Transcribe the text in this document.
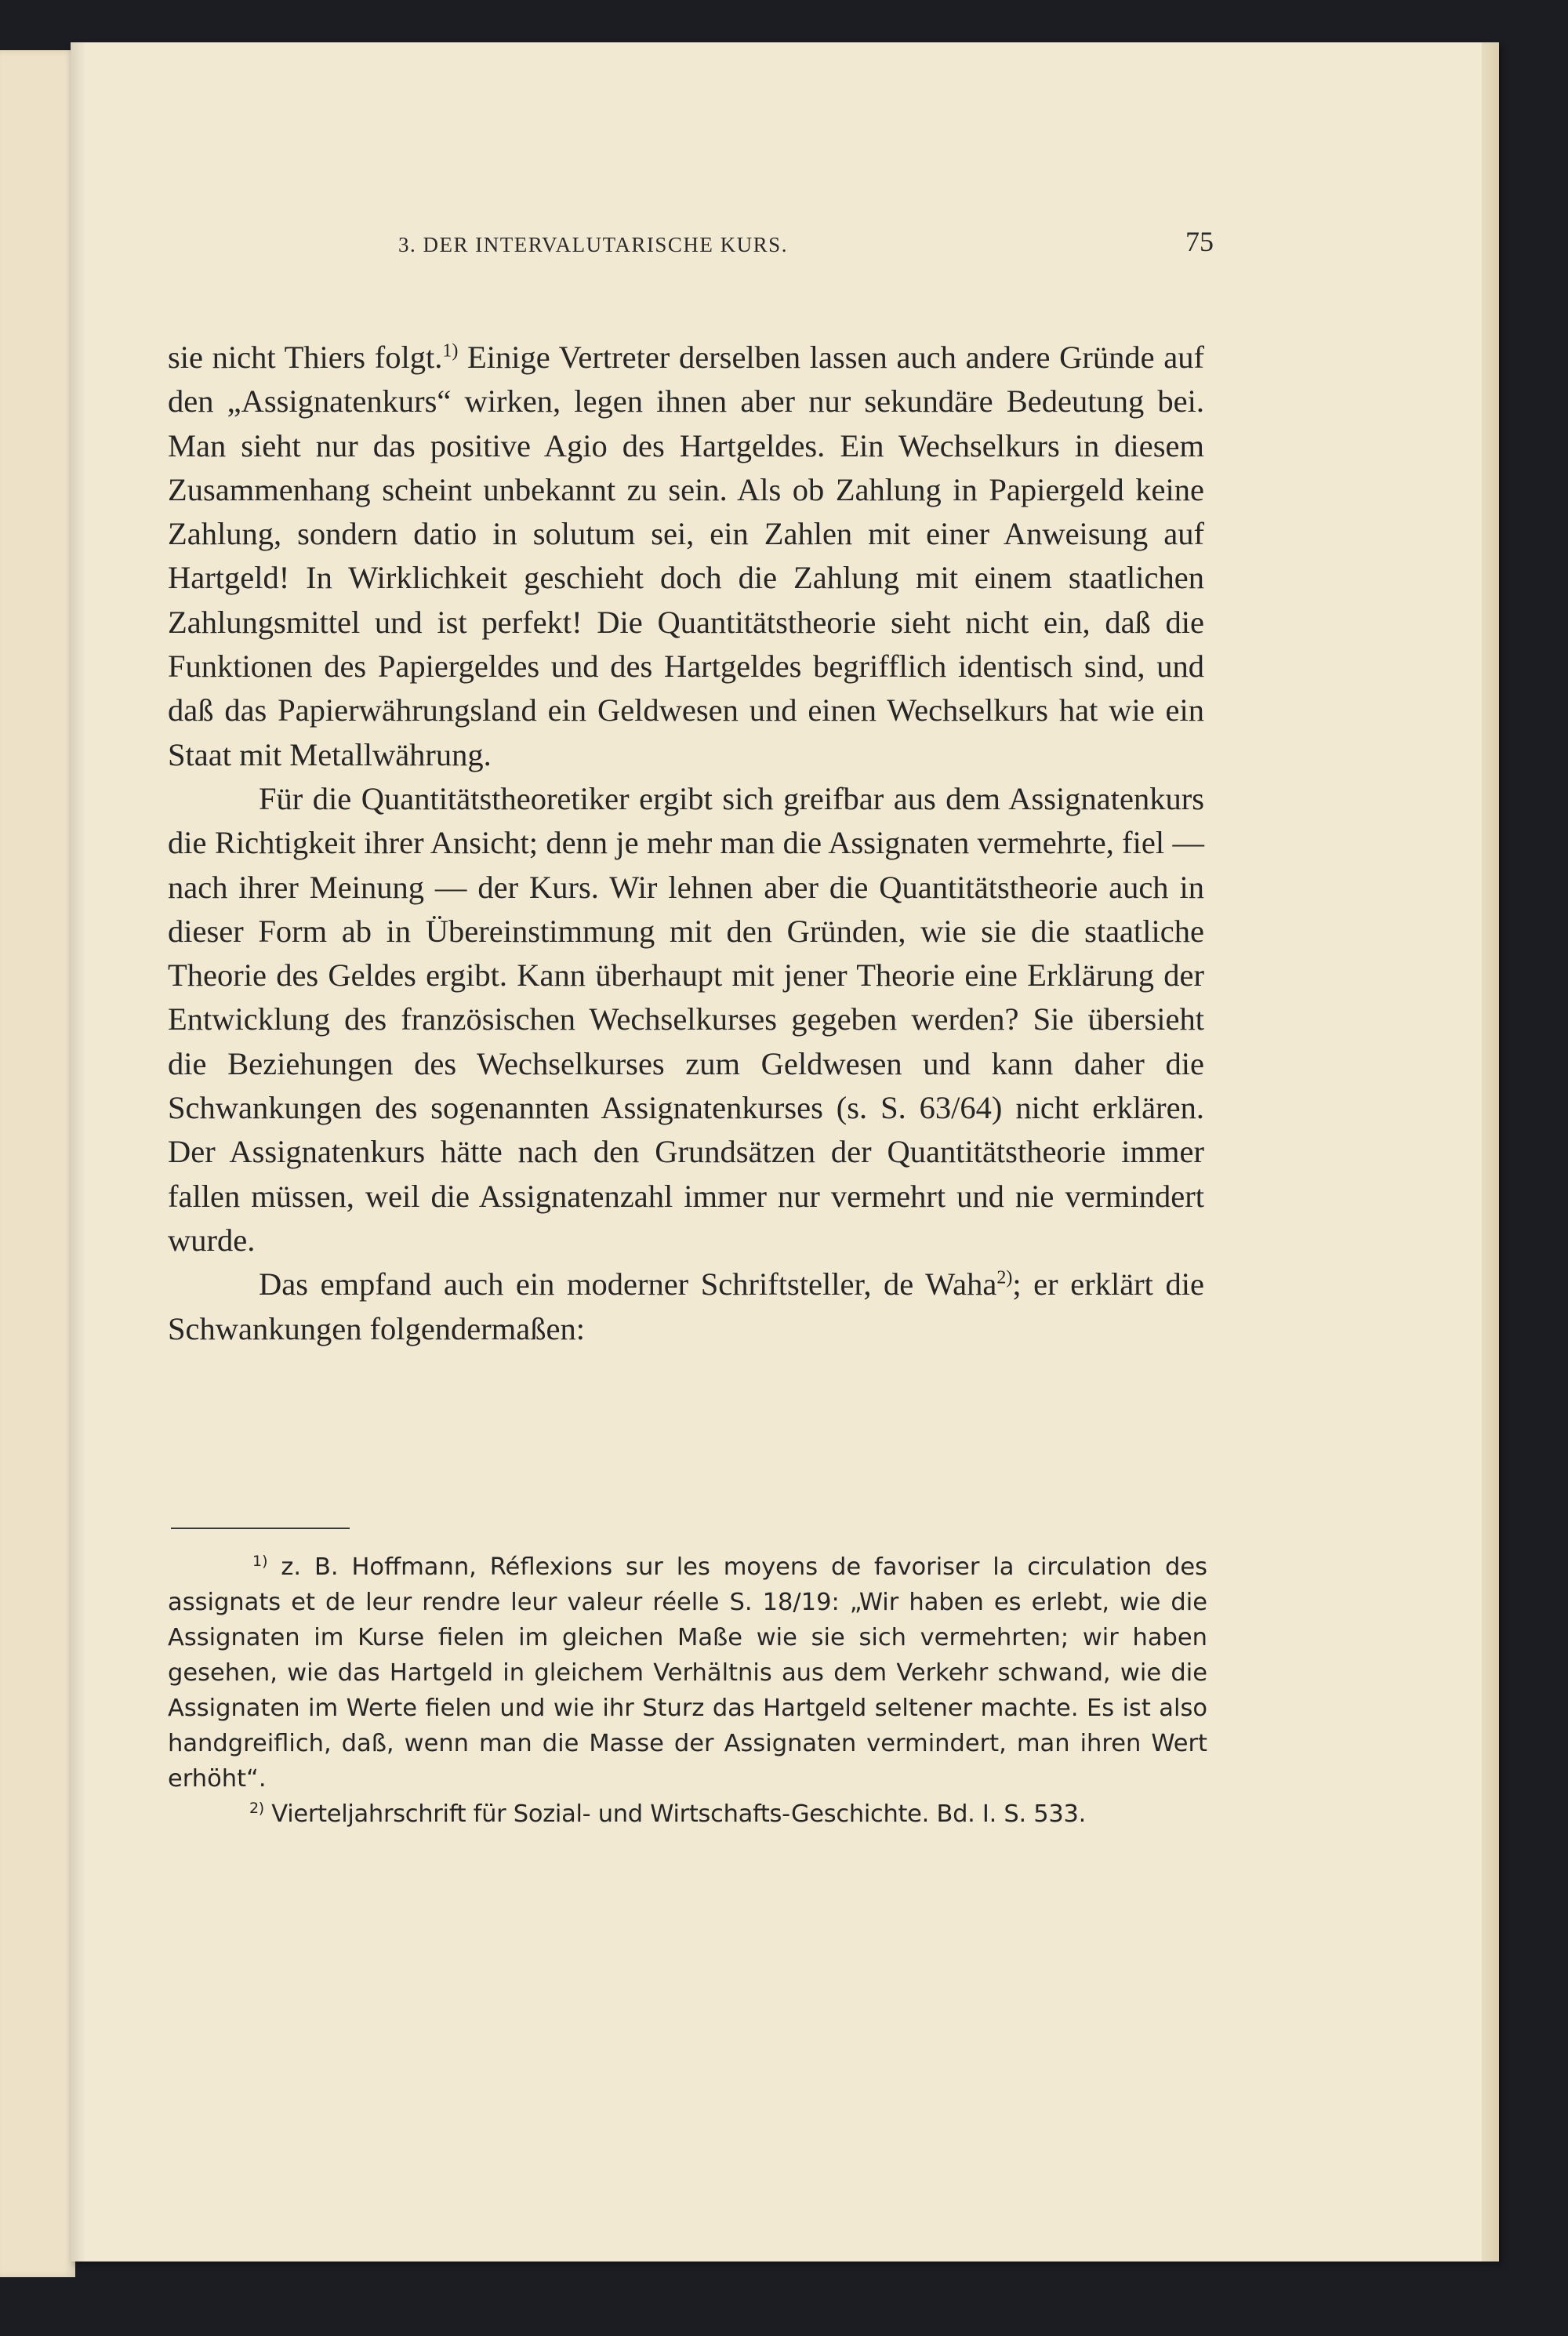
3. DER INTERVALUTARISCHE KURS.	75

sie nicht Thiers folgt.$^{1)}$ Einige Vertreter derselben lassen auch andere Gründe auf den „Assignatenkurs“ wirken, legen ihnen aber nur sekundäre Bedeutung bei. Man sieht nur das positive Agio des Hartgeldes. Ein Wechselkurs in diesem Zusammenhang scheint unbekannt zu sein. Als ob Zahlung in Papiergeld keine Zahlung, sondern datio in solutum sei, ein Zahlen mit einer Anweisung auf Hartgeld! In Wirklichkeit geschieht doch die Zahlung mit einem staatlichen Zahlungsmittel und ist perfekt! Die Quantitätstheorie sieht nicht ein, daß die Funktionen des Papiergeldes und des Hartgeldes begrifflich identisch sind, und daß das Papierwährungsland ein Geldwesen und einen Wechselkurs hat wie ein Staat mit Metallwährung.

Für die Quantitätstheoretiker ergibt sich greifbar aus dem Assignatenkurs die Richtigkeit ihrer Ansicht; denn je mehr man die Assignaten vermehrte, fiel — nach ihrer Meinung — der Kurs. Wir lehnen aber die Quantitätstheorie auch in dieser Form ab in Übereinstimmung mit den Gründen, wie sie die staatliche Theorie des Geldes ergibt. Kann überhaupt mit jener Theorie eine Erklärung der Entwicklung des französischen Wechselkurses gegeben werden? Sie übersieht die Beziehungen des Wechselkurses zum Geldwesen und kann daher die Schwankungen des sogenannten Assignatenkurses (s. S. 63/64) nicht erklären. Der Assignatenkurs hätte nach den Grundsätzen der Quantitätstheorie immer fallen müssen, weil die Assignatenzahl immer nur vermehrt und nie vermindert wurde.

Das empfand auch ein moderner Schriftsteller, de Waha$^{2)}$; er erklärt die Schwankungen folgendermaßen:

$^{1)}$ z. B. Hoffmann, Réflexions sur les moyens de favoriser la circulation des assignats et de leur rendre leur valeur réelle S. 18/19: „Wir haben es erlebt, wie die Assignaten im Kurse fielen im gleichen Maße wie sie sich vermehrten; wir haben gesehen, wie das Hartgeld in gleichem Verhältnis aus dem Verkehr schwand, wie die Assignaten im Werte fielen und wie ihr Sturz das Hartgeld seltener machte. Es ist also handgreiflich, daß, wenn man die Masse der Assignaten vermindert, man ihren Wert erhöht“.

$^{2)}$ Vierteljahrschrift für Sozial- und Wirtschafts-Geschichte. Bd. I. S. 533.
